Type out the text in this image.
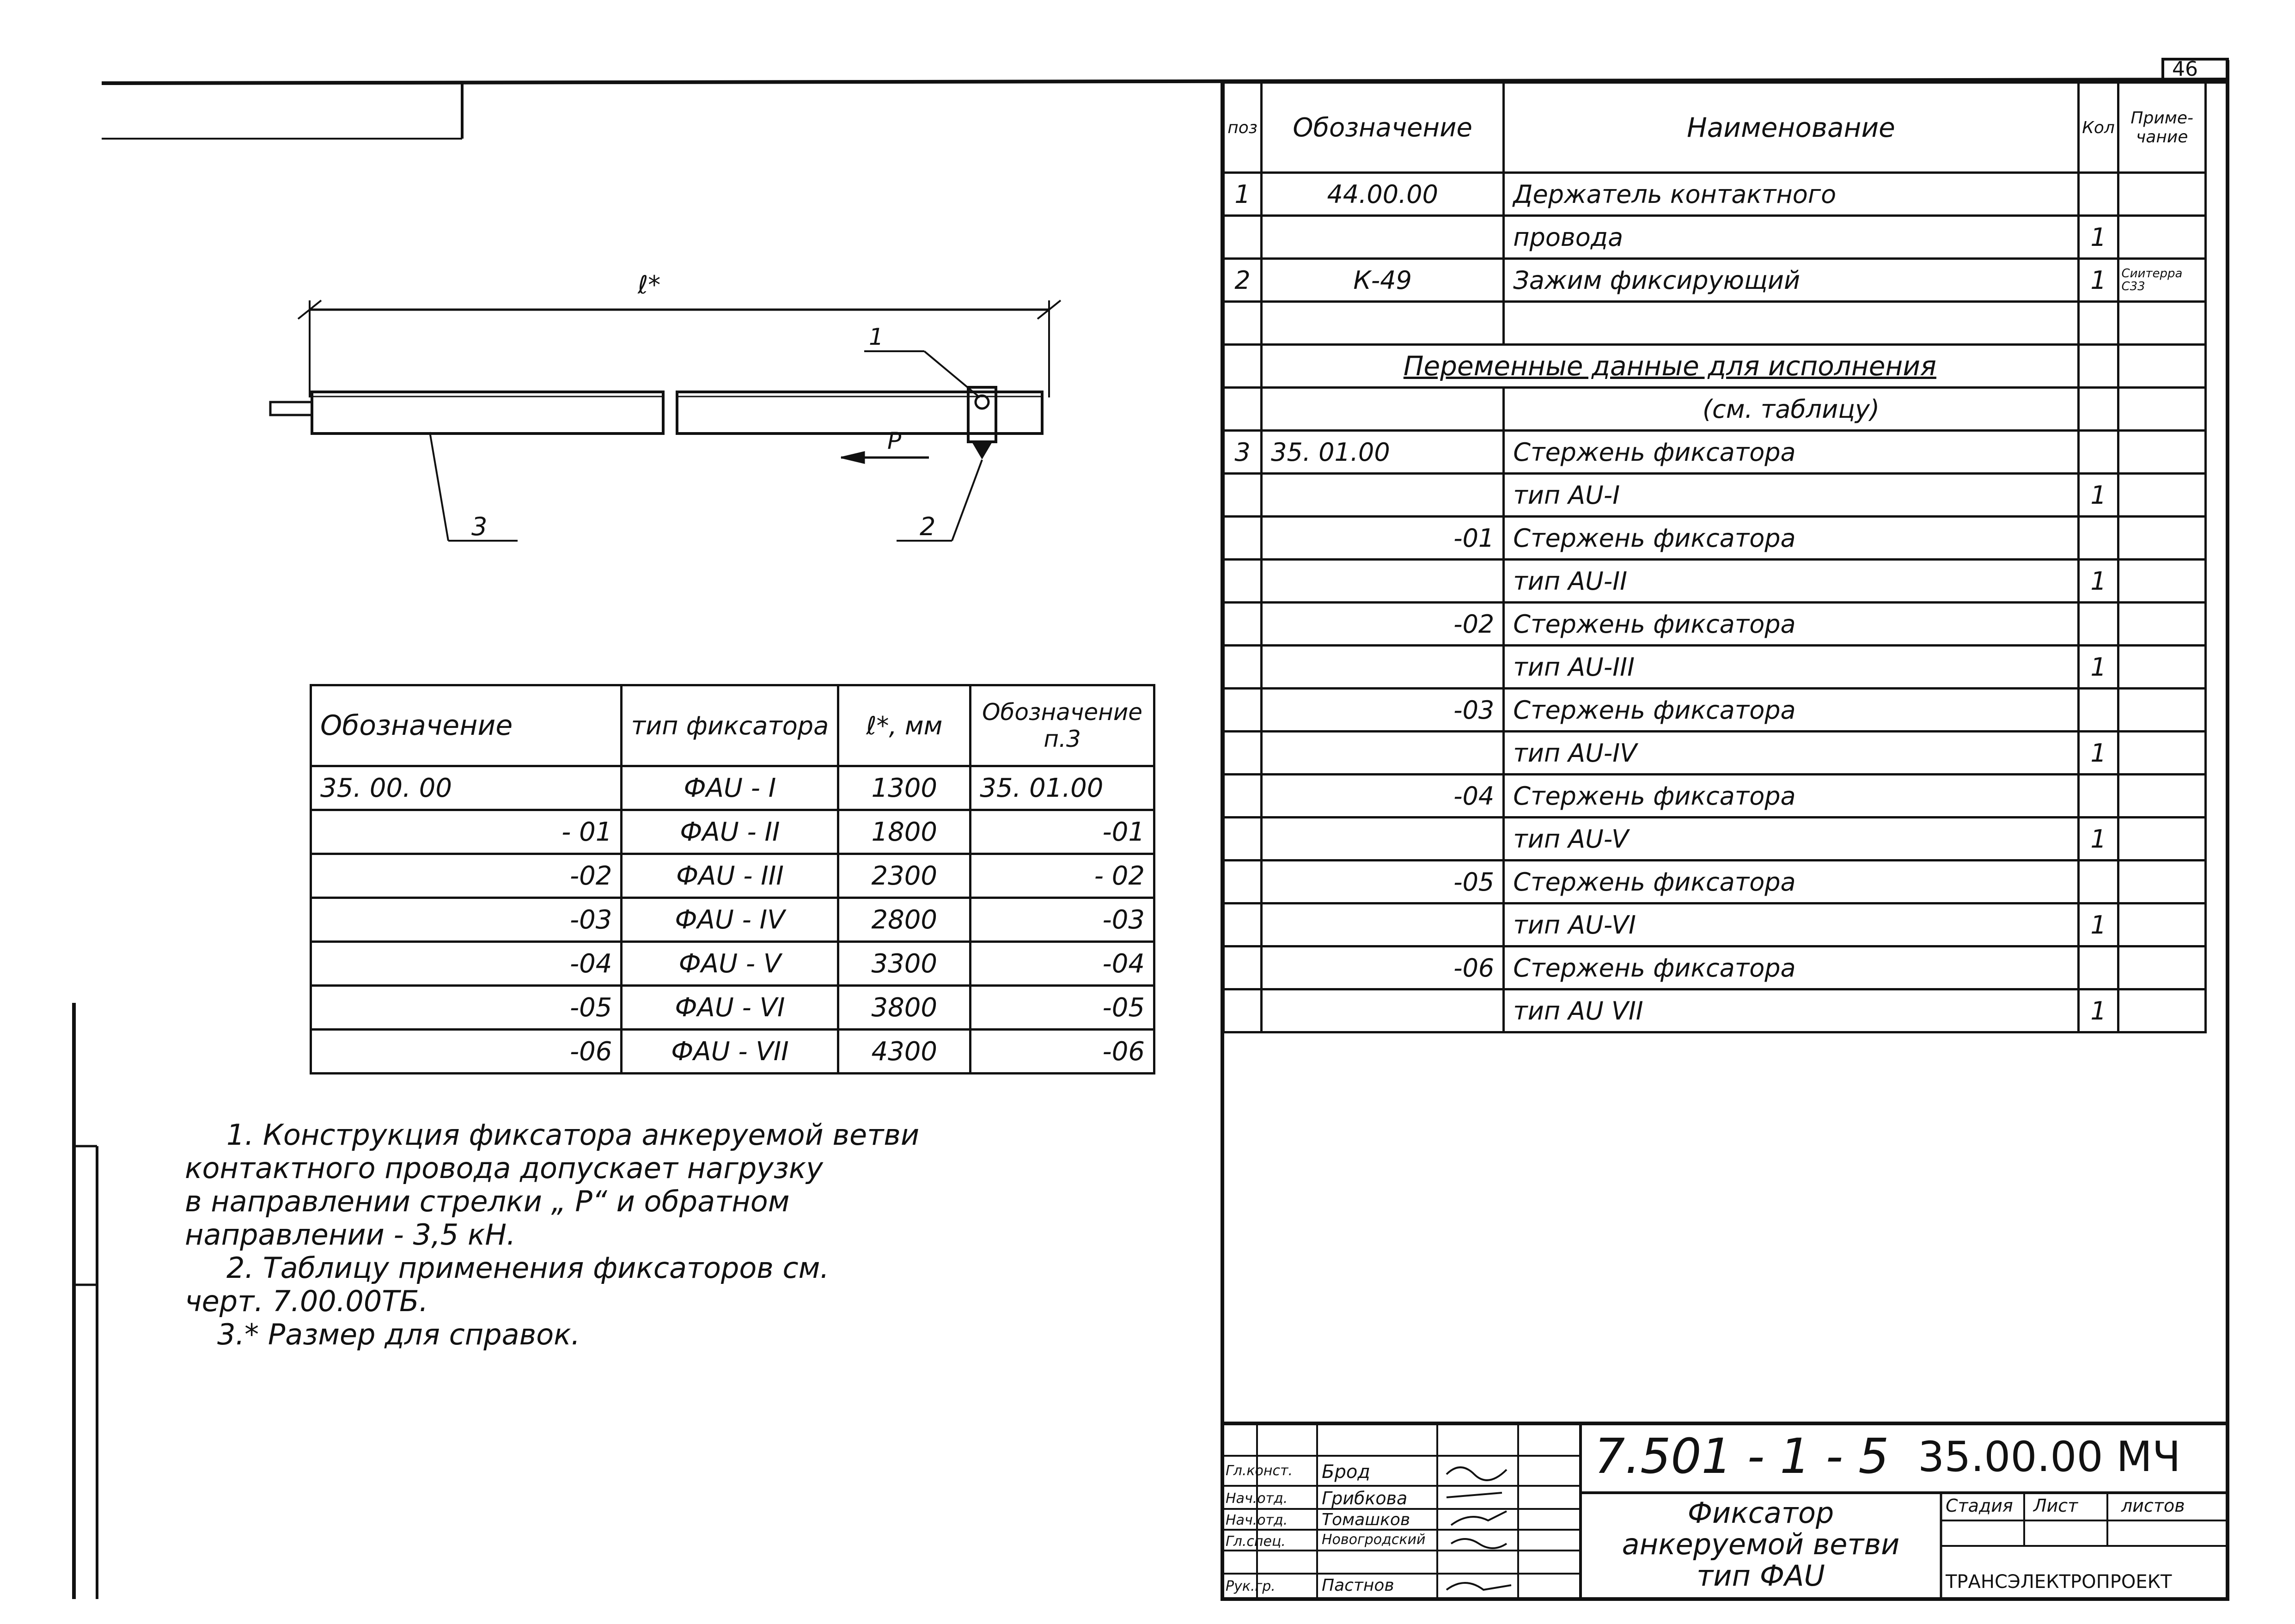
46
ℓ*
1
2
3
P
Обозначение	тип фиксатора	ℓ*, мм	Обозначение п.3
35. 00. 00	ФАU - I	1300	35. 01.00
- 01	ФАU - II	1800	-01
-02	ФАU - III	2300	- 02
-03	ФАU - IV	2800	-03
-04	ФАU - V	3300	-04
-05	ФАU - VI	3800	-05
-06	ФАU - VII	4300	-06
1. Конструкция фиксатора анкеруемой ветви
контактного провода допускает нагрузку
в направлении стрелки „ P“ и обратном
направлении - 3,5 кН.
2. Таблицу применения фиксаторов см.
черт. 7.00.00ТБ.
3.* Размер для справок.
поз	Обозначение	Наименование	Кол	Приме- чание
1	44.00.00	Держатель контактного		
		провода	1	
2	К-49	Зажим фиксирующий	1	Сиитерра С33

	Переменные данные для исполнения			
		(см. таблицу)		
3	35. 01.00	Стержень фиксатора		
		тип АU-I	1	
	-01	Стержень фиксатора		
		тип АU-II	1	
	-02	Стержень фиксатора		
		тип АU-III	1	
	-03	Стержень фиксатора		
		тип АU-IV	1	
	-04	Стержень фиксатора		
		тип АU-V	1	
	-05	Стержень фиксатора		
		тип АU-VI	1	
	-06	Стержень фиксатора		
		тип АU VII	1	
7.501 - 1 - 5 35.00.00 МЧ
Фиксатор
анкеруемой ветви
тип ФАU
Стадия Лист листов
ТРАНСЭЛЕКТРОПРОЕКТ
Гл.конст. Брод
Нач.отд. Грибкова
Нач.отд. Томашков
Гл.спец.	Новогродский
Рук.гр.	Пастнов
